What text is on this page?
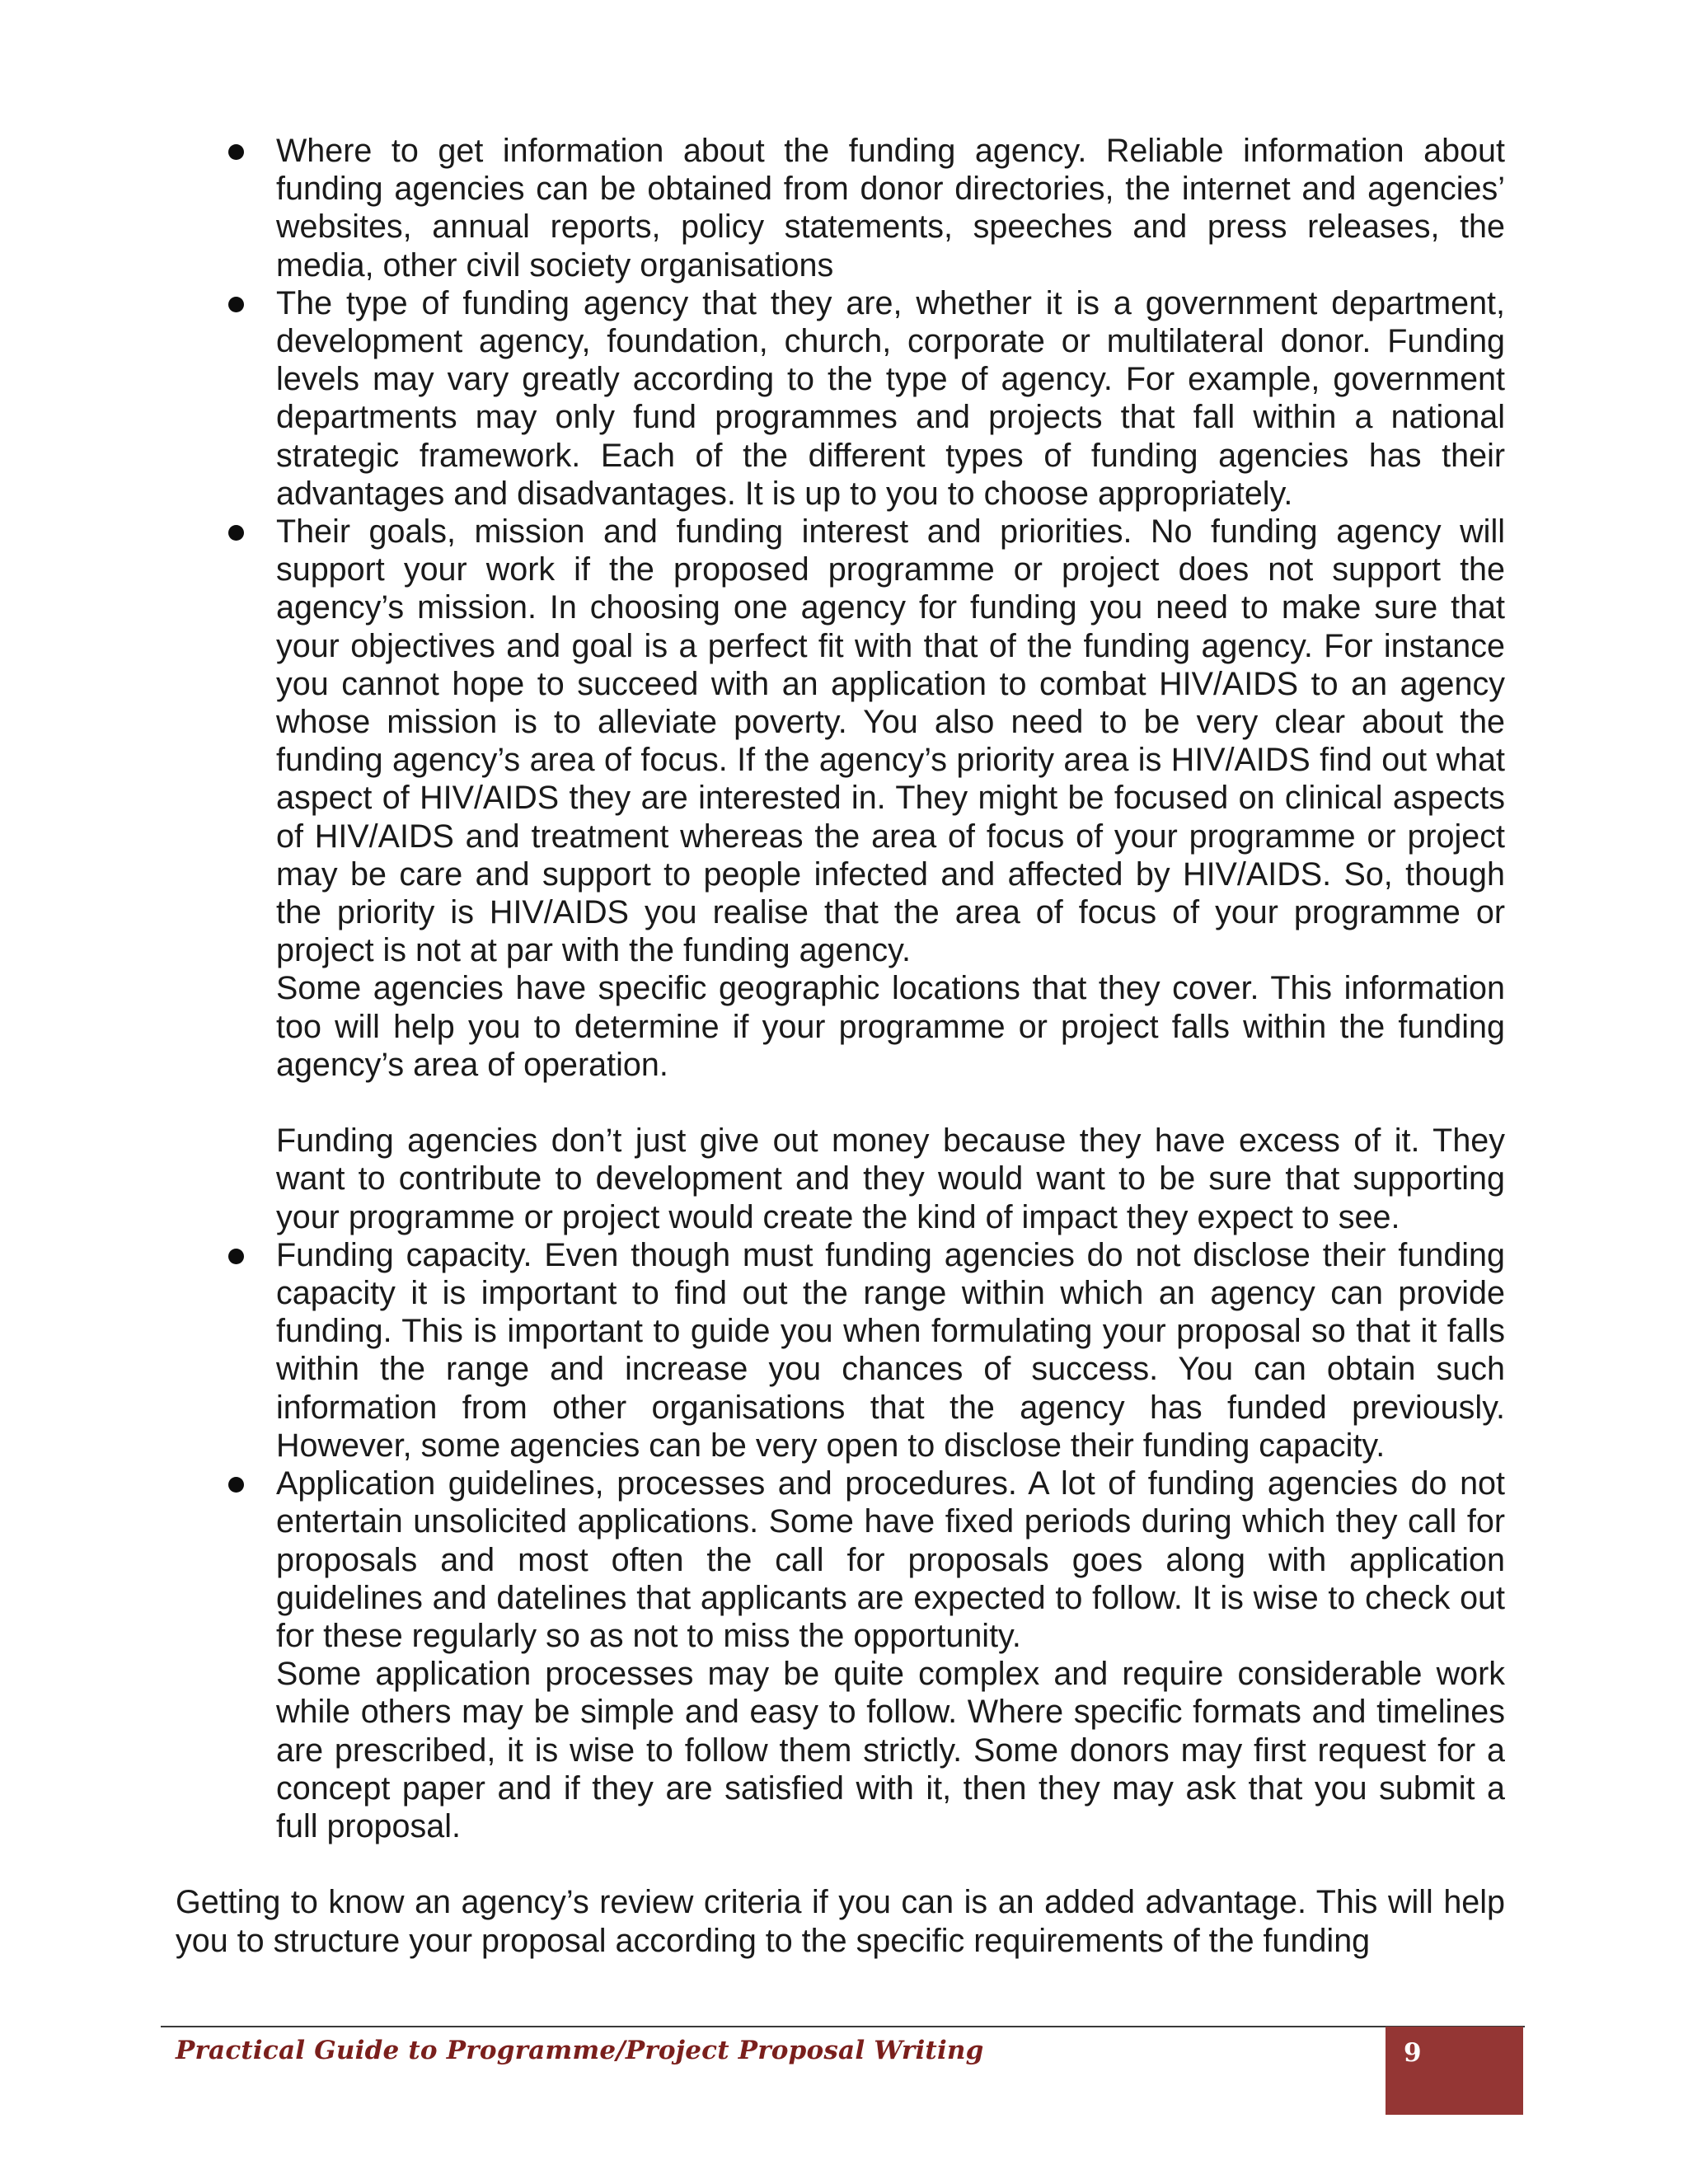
Where to get information about the funding agency. Reliable information about funding agencies can be obtained from donor directories, the internet and agencies’ websites, annual reports, policy statements, speeches and press releases, the media, other civil society organisations

The type of funding agency that they are, whether it is a government department, development agency, foundation, church, corporate or multilateral donor. Funding levels may vary greatly according to the type of agency. For example, government departments may only fund programmes and projects that fall within a national strategic framework. Each of the different types of funding agencies has their advantages and disadvantages. It is up to you to choose appropriately.

Their goals, mission and funding interest and priorities. No funding agency will support your work if the proposed programme or project does not support the agency’s mission. In choosing one agency for funding you need to make sure that your objectives and goal is a perfect fit with that of the funding agency. For instance you cannot hope to succeed with an application to combat HIV/AIDS to an agency whose mission is to alleviate poverty. You also need to be very clear about the funding agency’s area of focus. If the agency’s priority area is HIV/AIDS find out what aspect of HIV/AIDS they are interested in. They might be focused on clinical aspects of HIV/AIDS and treatment whereas the area of focus of your programme or project may be care and support to people infected and affected by HIV/AIDS. So, though the priority is HIV/AIDS you realise that the area of focus of your programme or project is not at par with the funding agency.

Some agencies have specific geographic locations that they cover. This information too will help you to determine if your programme or project falls within the funding agency’s area of operation.

Funding agencies don’t just give out money because they have excess of it. They want to contribute to development and they would want to be sure that supporting your programme or project would create the kind of impact they expect to see.

Funding capacity. Even though must funding agencies do not disclose their funding capacity it is important to find out the range within which an agency can provide funding. This is important to guide you when formulating your proposal so that it falls within the range and increase you chances of success. You can obtain such information from other organisations that the agency has funded previously. However, some agencies can be very open to disclose their funding capacity.

Application guidelines, processes and procedures. A lot of funding agencies do not entertain unsolicited applications. Some have fixed periods during which they call for proposals and most often the call for proposals goes along with application guidelines and datelines that applicants are expected to follow. It is wise to check out for these regularly so as not to miss the opportunity.

Some application processes may be quite complex and require considerable work while others may be simple and easy to follow. Where specific formats and timelines are prescribed, it is wise to follow them strictly. Some donors may first request for a concept paper and if they are satisfied with it, then they may ask that you submit a full proposal.

Getting to know an agency’s review criteria if you can is an added advantage. This will help you to structure your proposal according to the specific requirements of the funding

Practical Guide to Programme/Project Proposal Writing	9
